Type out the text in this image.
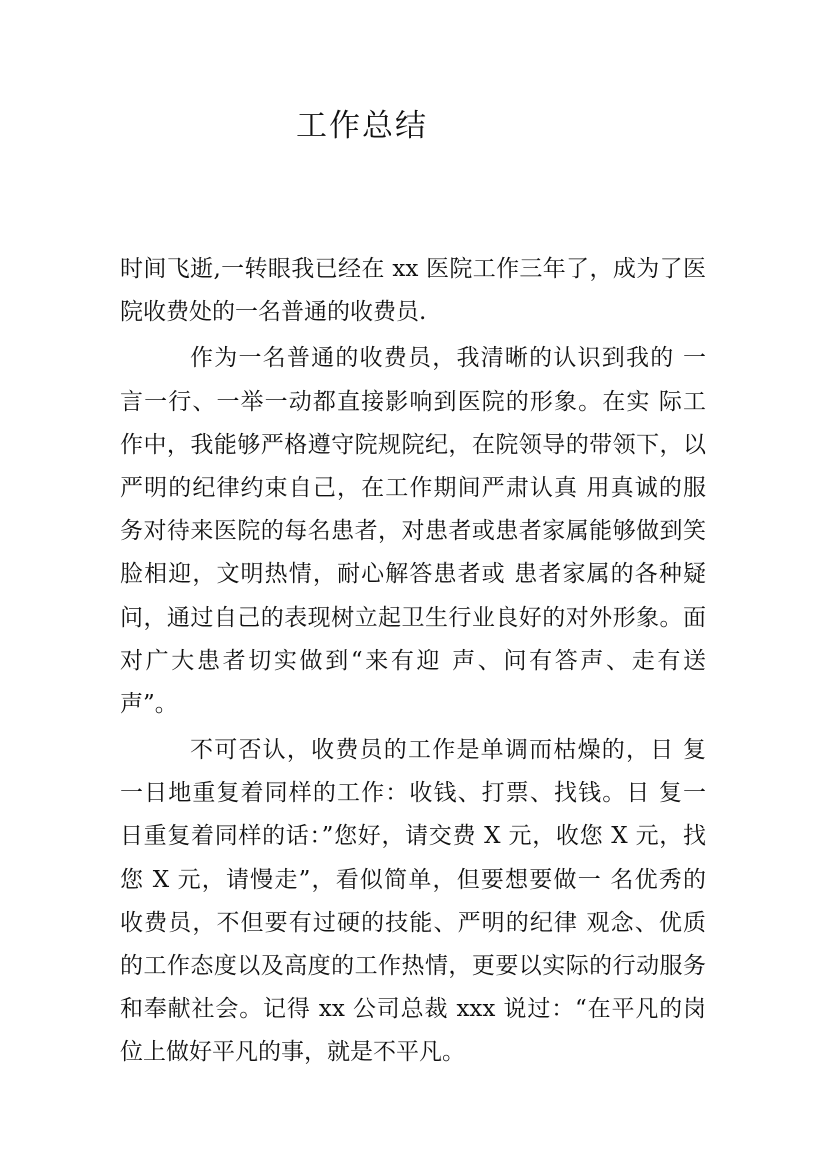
工作总结
时间飞逝,一转眼我已经在 xx 医院工作三年了，成为了医
院收费处的一名普通的收费员.
作为一名普通的收费员，我清晰的认识到我的 一
言一行、一举一动都直接影响到医院的形象。在实 际工
作中，我能够严格遵守院规院纪，在院领导的带领下，以
严明的纪律约束自己，在工作期间严肃认真 用真诚的服
务对待来医院的每名患者，对患者或患者家属能够做到笑
脸相迎，文明热情，耐心解答患者或 患者家属的各种疑
问，通过自己的表现树立起卫生行业良好的对外形象。面
对广大患者切实做到“来有迎 声、问有答声、走有送
声”。
不可否认，收费员的工作是单调而枯燥的，日 复
一日地重复着同样的工作：收钱、打票、找钱。日 复一
日重复着同样的话：”您好，请交费 X 元，收您 X 元，找
您 X 元，请慢走”，看似简单，但要想要做一 名优秀的
收费员，不但要有过硬的技能、严明的纪律 观念、优质
的工作态度以及高度的工作热情，更要以实际的行动服务
和奉献社会。记得 xx 公司总裁 xxx 说过：“在平凡的岗
位上做好平凡的事，就是不平凡。
